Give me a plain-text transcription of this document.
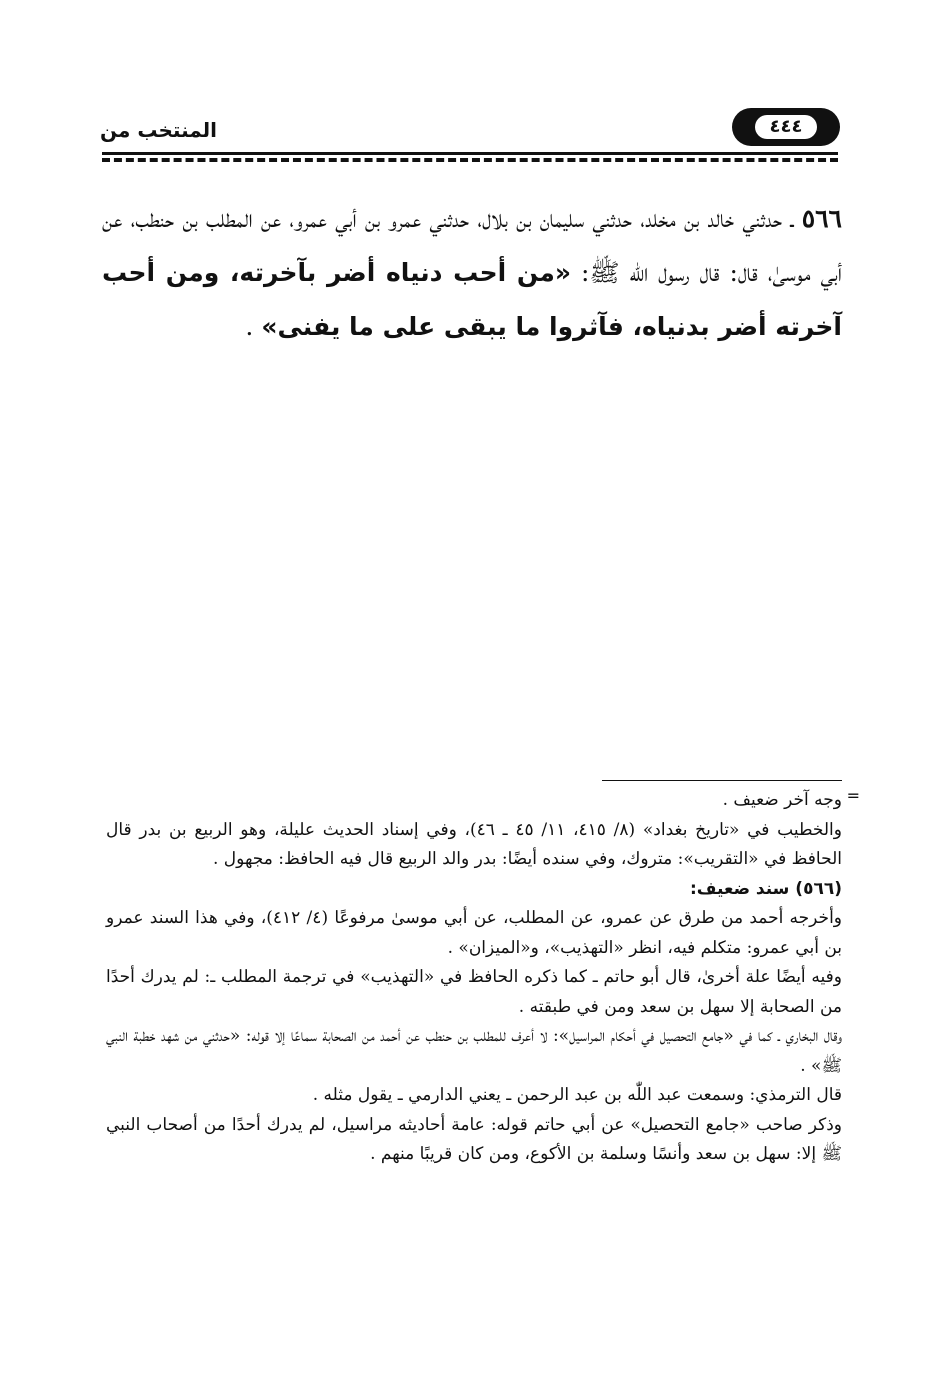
٤٤٤
المنتخب من

٥٦٦ ـ حدثني خالد بن مخلد، حدثني سليمان بن بلال، حدثني عمرو بن أبي عمرو، عن المطلب بن حنطب، عن أبي موسىٰ، قال: قال رسول اللّٰه ﷺ: «من أحب دنياه أضر بآخرته، ومن أحب آخرته أضر بدنياه، فآثروا ما يبقى على ما يفنى» .

=

وجه آخر ضعيف .

والخطيب في «تاريخ بغداد» (٨/ ٤١٥، ١١/ ٤٥ ـ ٤٦)، وفي إسناد الحديث عليلة، وهو الربيع بن بدر قال الحافظ في «التقريب»: متروك، وفي سنده أيضًا: بدر والد الربيع قال فيه الحافظ: مجهول .

(٥٦٦) سند ضعيف:

وأخرجه أحمد من طرق عن عمرو، عن المطلب، عن أبي موسىٰ مرفوعًا (٤/ ٤١٢)، وفي هذا السند عمرو بن أبي عمرو: متكلم فيه، انظر «التهذيب»، و«الميزان» .

وفيه أيضًا علة أخرىٰ، قال أبو حاتم ـ كما ذكره الحافظ في «التهذيب» في ترجمة المطلب ـ: لم يدرك أحدًا من الصحابة إلا سهل بن سعد ومن في طبقته .

وقال البخاري ـ كما في «جامع التحصيل في أحكام المراسيل»: لا أعرف للمطلب بن حنطب عن أحمد من الصحابة سماعًا إلا قوله: «حدثني من شهد خطبة النبي ﷺ» .

قال الترمذي: وسمعت عبد اللّٰه بن عبد الرحمن ـ يعني الدارمي ـ يقول مثله .

وذكر صاحب «جامع التحصيل» عن أبي حاتم قوله: عامة أحاديثه مراسيل، لم يدرك أحدًا من أصحاب النبي ﷺ إلا: سهل بن سعد وأنسًا وسلمة بن الأكوع، ومن كان قريبًا منهم .
